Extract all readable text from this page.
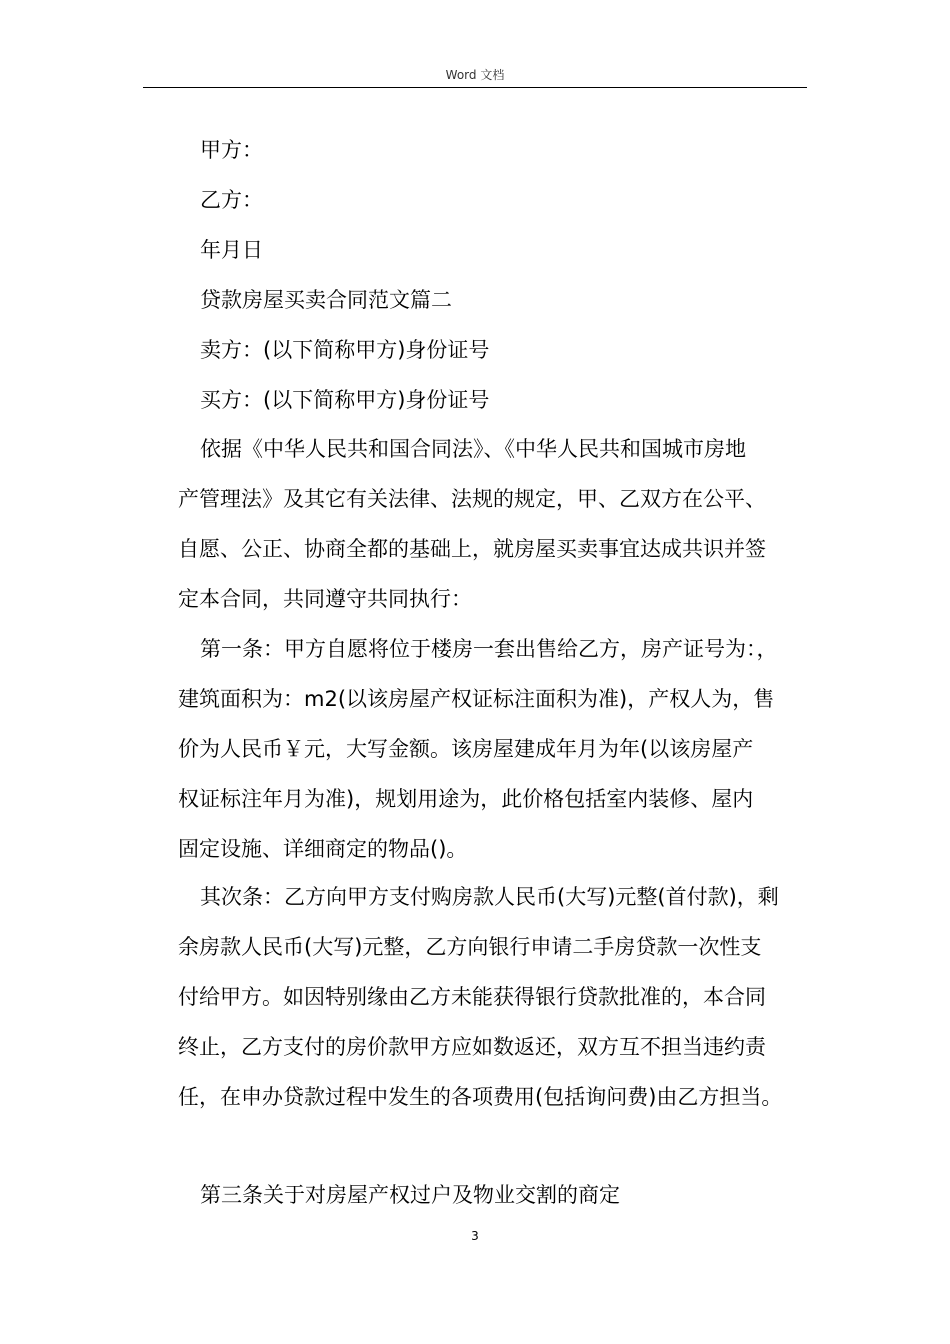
Word 文档
甲方：
乙方：
年月日
贷款房屋买卖合同范文篇二
卖方：(以下简称甲方)身份证号
买方：(以下简称甲方)身份证号
依据《中华人民共和国合同法》、《中华人民共和国城市房地
产管理法》及其它有关法律、法规的规定，甲、乙双方在公平、
自愿、公正、协商全都的基础上，就房屋买卖事宜达成共识并签
定本合同，共同遵守共同执行：
第一条：甲方自愿将位于楼房一套出售给乙方，房产证号为：，
建筑面积为：m2(以该房屋产权证标注面积为准)，产权人为，售
价为人民币￥元，大写金额。该房屋建成年月为年(以该房屋产
权证标注年月为准)，规划用途为，此价格包括室内装修、屋内
固定设施、详细商定的物品()。
其次条：乙方向甲方支付购房款人民币(大写)元整(首付款)，剩
余房款人民币(大写)元整，乙方向银行申请二手房贷款一次性支
付给甲方。如因特别缘由乙方未能获得银行贷款批准的，本合同
终止，乙方支付的房价款甲方应如数返还，双方互不担当违约责
任，在申办贷款过程中发生的各项费用(包括询问费)由乙方担当。
第三条关于对房屋产权过户及物业交割的商定
3
